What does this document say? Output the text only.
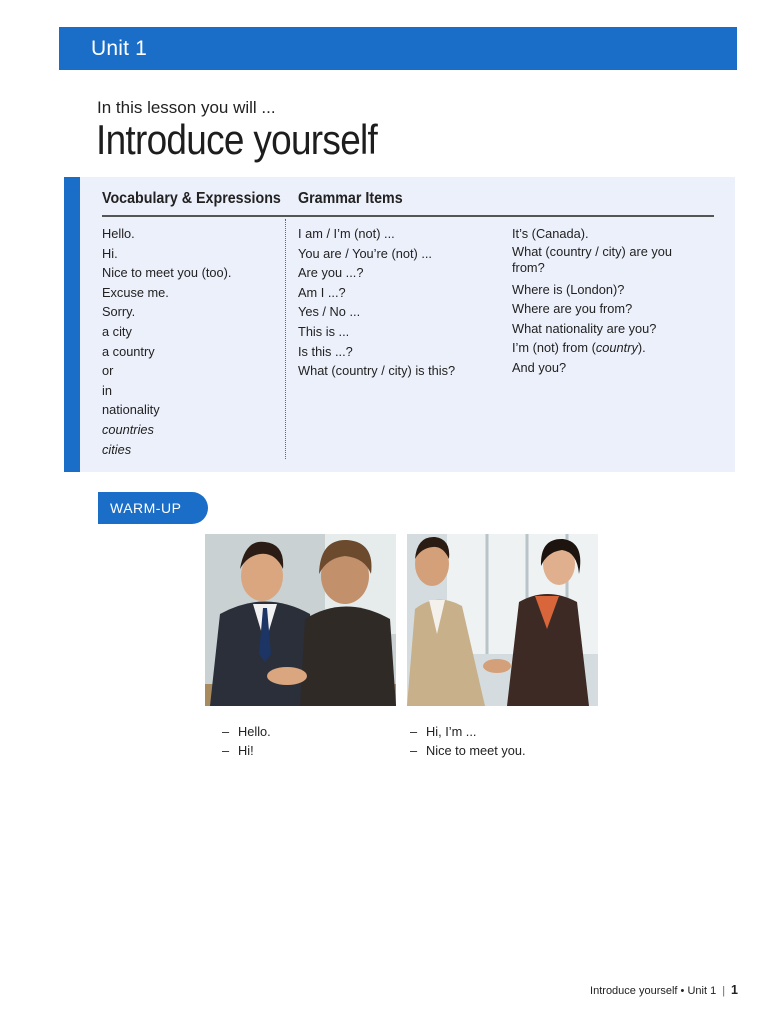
Unit 1
In this lesson you will ...
Introduce yourself
Vocabulary & Expressions Grammar Items
Hello.
Hi.
Nice to meet you (too).
Excuse me.
Sorry.
a city
a country
or
in
nationality
countries
cities
I am / I’m (not) ...
You are / You’re (not) ...
Are you ...?
Am I ...?
Yes / No ...
This is ...
Is this ...?
What (country / city) is this?
It’s (Canada).
What (country / city) are you from?
Where is (London)?
Where are you from?
What nationality are you?
I’m (not) from (country).
And you?
WARM-UP
– Hello.
– Hi!
– Hi, I’m ...
– Nice to meet you.
Introduce yourself • Unit 1 | 1
